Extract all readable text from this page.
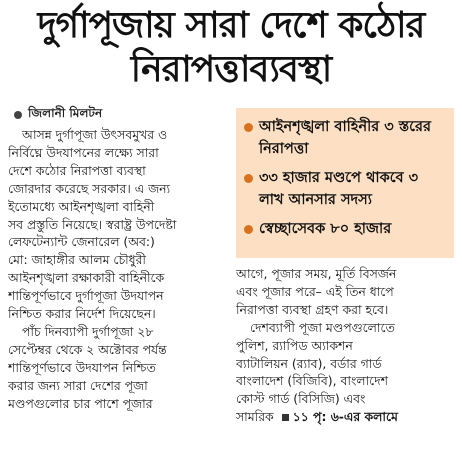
দুর্গাপূজায় সারা দেশে কঠোর
নিরাপত্তাব্যবস্থা
জিলানী মিলটন
আসন্ন দুর্গাপূজা উৎসবমুখর ও
নির্বিঘ্নে উদযাপনের লক্ষ্যে সারা
দেশে কঠোর নিরাপত্তা ব্যবস্থা
জোরদার করেছে সরকার। এ জন্য
ইতোমধ্যে আইনশৃঙ্খলা বাহিনী
সব প্রস্তুতি নিয়েছে। স্বরাষ্ট্র উপদেষ্টা
লেফটেন্যান্ট জেনারেল (অব:)
মো: জাহাঙ্গীর আলম চৌধুরী
আইনশৃঙ্খলা রক্ষাকারী বাহিনীকে
শান্তিপূর্ণভাবে দুর্গাপূজা উদযাপন
নিশ্চিত করার নির্দেশ দিয়েছেন।
পাঁচ দিনব্যাপী দুর্গাপূজা ২৮
সেপ্টেম্বর থেকে ২ অক্টোবর পর্যন্ত
শান্তিপূর্ণভাবে উদযাপন নিশ্চিত
করার জন্য সারা দেশের পূজা
মণ্ডপগুলোর চার পাশে পূজার
আইনশৃঙ্খলা বাহিনীর ৩ স্তরের নিরাপত্তা
৩৩ হাজার মণ্ডপে থাকবে ৩ লাখ আনসার সদস্য
স্বেচ্ছাসেবক ৮০ হাজার
আগে, পূজার সময়, মূর্তি বিসর্জন
এবং পূজার পরে– এই তিন ধাপে
নিরাপত্তা ব্যবস্থা গ্রহণ করা হবে।
দেশব্যাপী পূজা মণ্ডপগুলোতে
পুলিশ, র‍্যাপিড অ্যাকশন
ব্যাটালিয়ন (র‍্যাব), বর্ডার গার্ড
বাংলাদেশ (বিজিবি), বাংলাদেশ
কোস্ট গার্ড (বিসিজি) এবং
সামরিক ১১ পৃ: ৬-এর কলামে
